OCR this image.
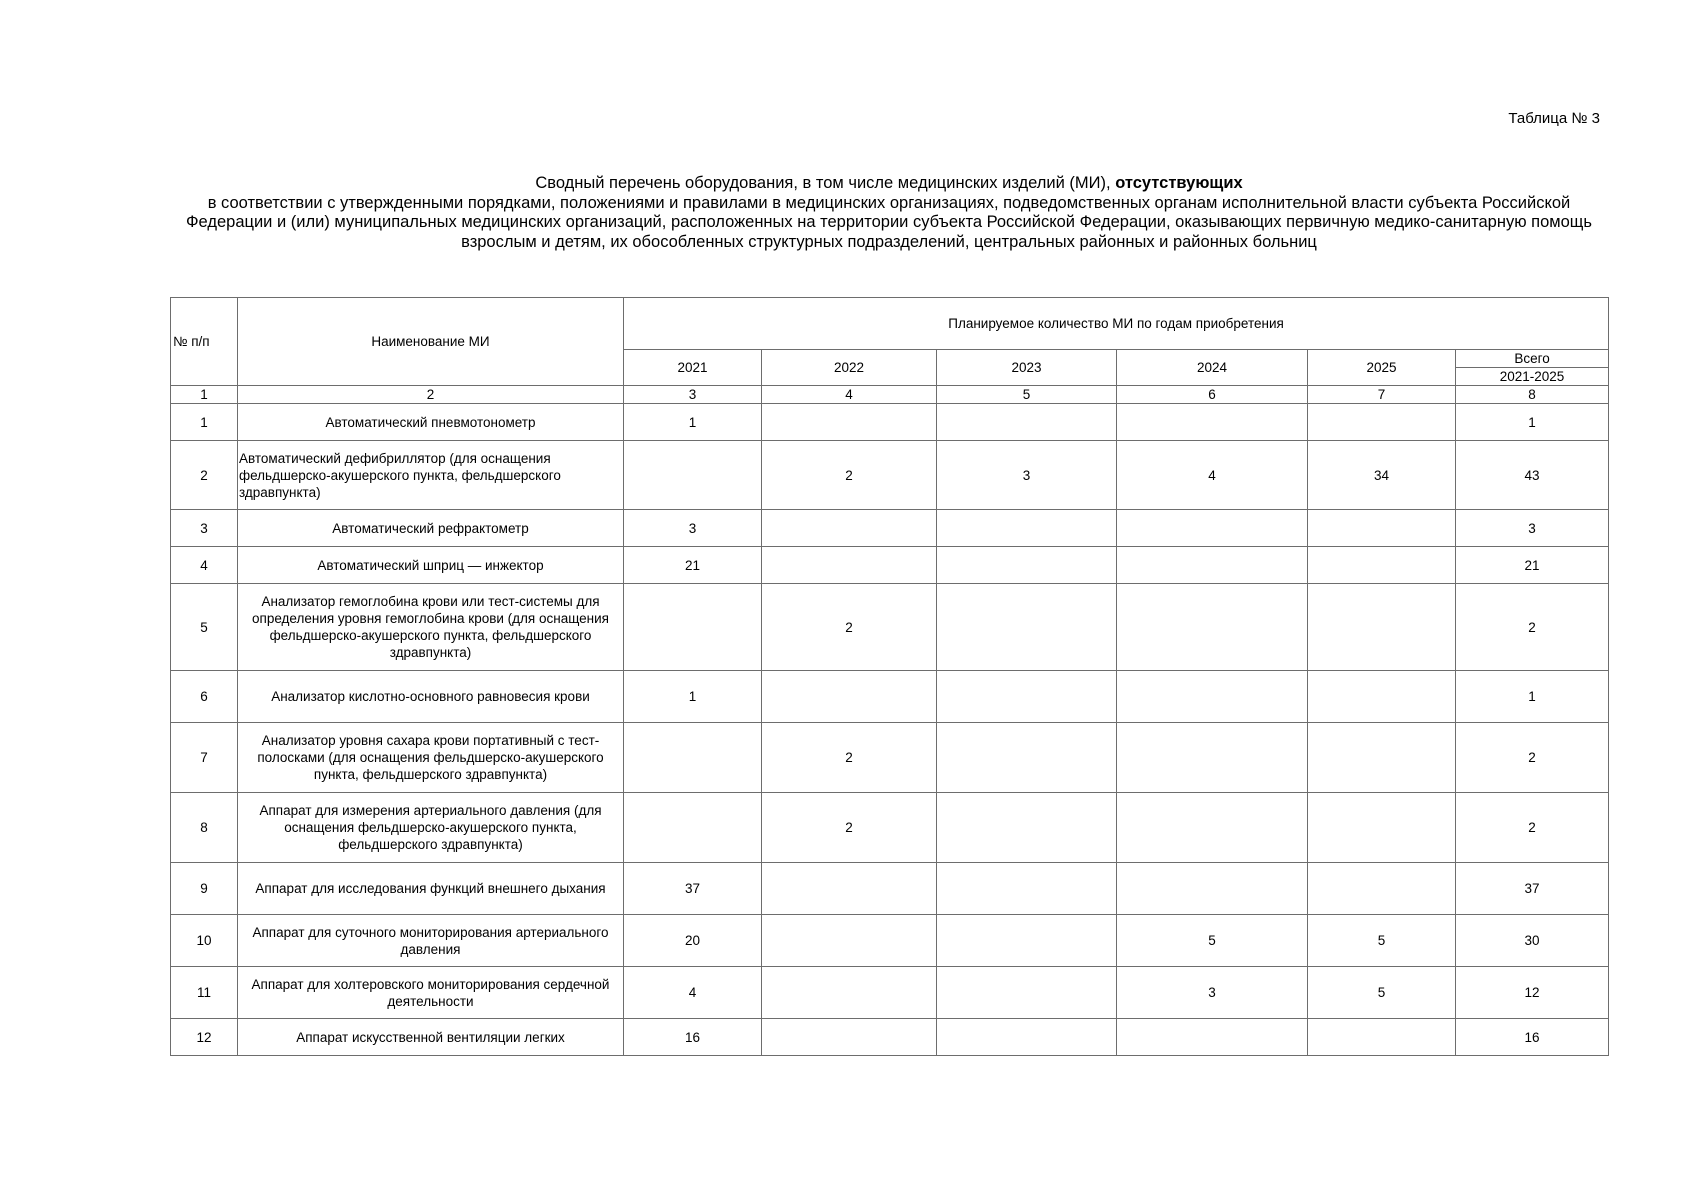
Таблица № 3
Сводный перечень оборудования, в том числе медицинских изделий (МИ), отсутствующих
в соответствии с утвержденными порядками, положениями и правилами в медицинских организациях, подведомственных органам исполнительной власти субъекта Российской Федерации и (или) муниципальных медицинских организаций, расположенных на территории субъекта Российской Федерации, оказывающих первичную медико-санитарную помощь взрослым и детям, их обособленных структурных подразделений, центральных районных и районных больниц
№ п/п	Наименование МИ	Планируемое количество МИ по годам приобретения					
		2021	2022	2023	2024	2025	Всего
							2021-2025
1	2	3	4	5	6	7	8
1	Автоматический пневмотонометр	1					1
2	Автоматический дефибриллятор (для оснащения фельдшерско-акушерского пункта, фельдшерского здравпункта)		2	3	4	34	43
3	Автоматический рефрактометр	3					3
4	Автоматический шприц — инжектор	21					21
5	Анализатор гемоглобина крови или тест-системы для определения уровня гемоглобина крови (для оснащения фельдшерско-акушерского пункта, фельдшерского здравпункта)		2				2
6	Анализатор кислотно-основного равновесия крови	1					1
7	Анализатор уровня сахара крови портативный с тест-полосками (для оснащения фельдшерско-акушерского пункта, фельдшерского здравпункта)		2				2
8	Аппарат для измерения артериального давления (для оснащения фельдшерско-акушерского пункта, фельдшерского здравпункта)		2				2
9	Аппарат для исследования функций внешнего дыхания	37					37
10	Аппарат для суточного мониторирования артериального давления	20			5	5	30
11	Аппарат для холтеровского мониторирования сердечной деятельности	4			3	5	12
12	Аппарат искусственной вентиляции легких	16					16
